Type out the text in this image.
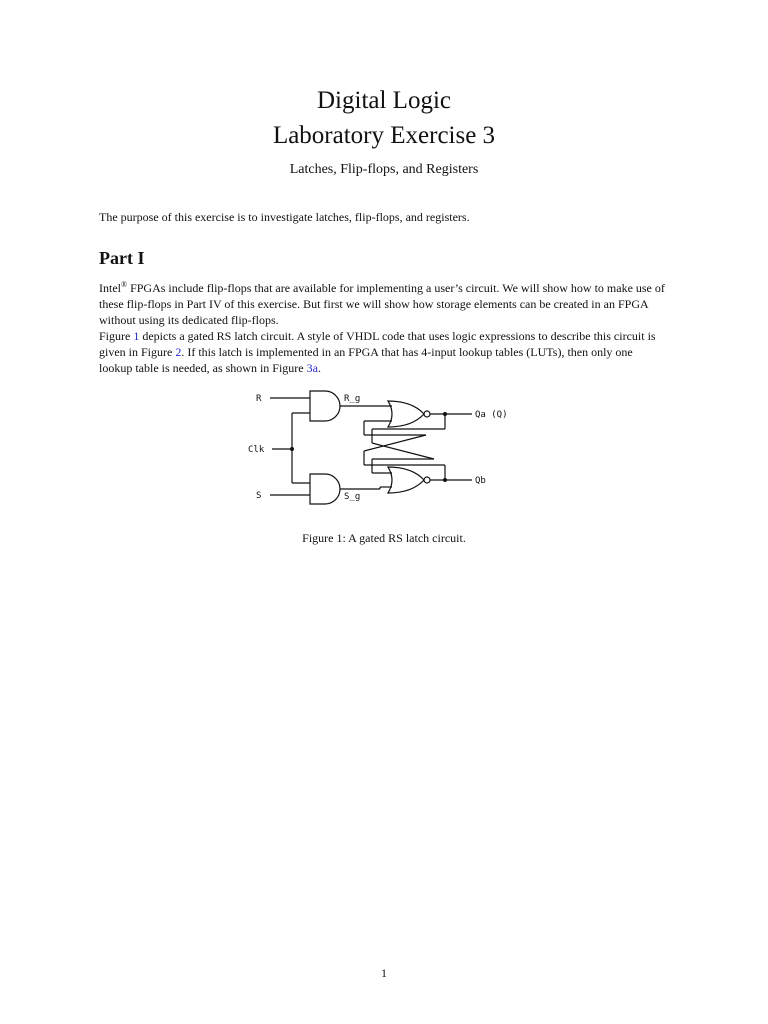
Digital Logic
Laboratory Exercise 3
Latches, Flip-flops, and Registers
The purpose of this exercise is to investigate latches, flip-flops, and registers.
Part I
Intel® FPGAs include flip-flops that are available for implementing a user’s circuit. We will show how to make use of these flip-flops in Part IV of this exercise. But first we will show how storage elements can be created in an FPGA without using its dedicated flip-flops.
Figure 1 depicts a gated RS latch circuit. A style of VHDL code that uses logic expressions to describe this circuit is given in Figure 2. If this latch is implemented in an FPGA that has 4-input lookup tables (LUTs), then only one lookup table is needed, as shown in Figure 3a.
R
Clk
S
R_g
S_g
Qa (Q)
Qb
Figure 1: A gated RS latch circuit.
1
